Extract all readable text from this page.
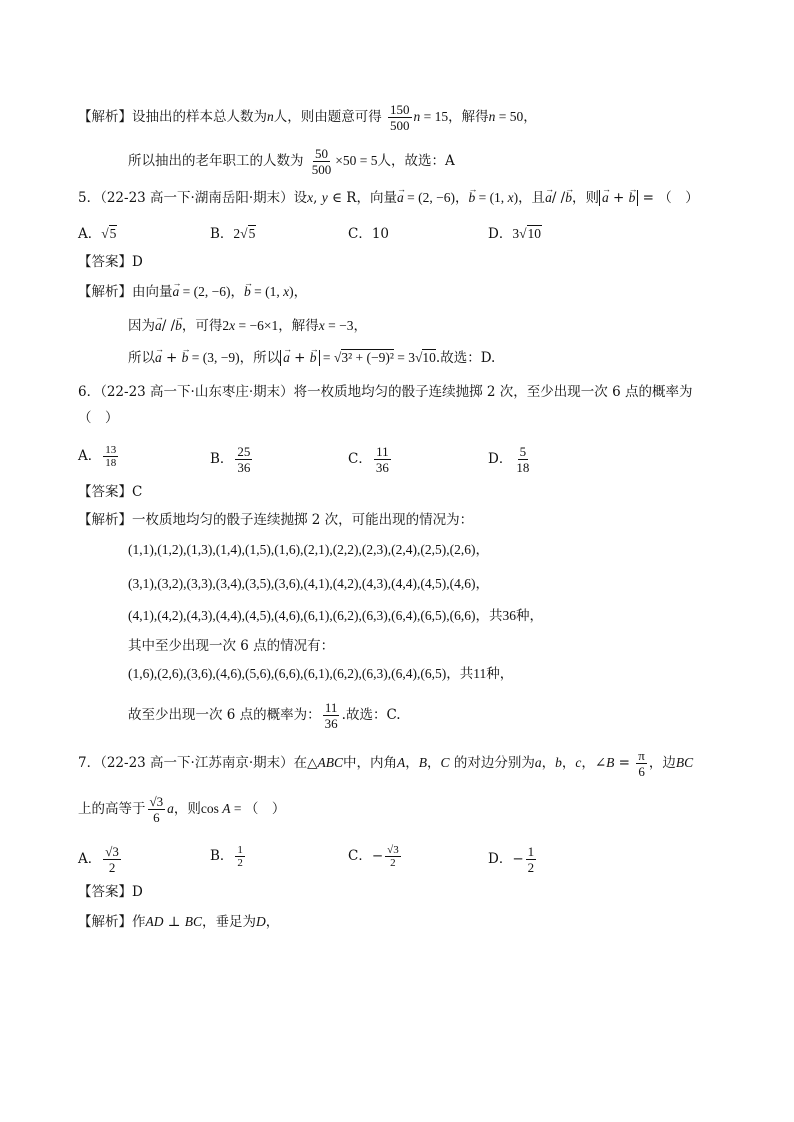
【解析】设抽出的样本总人数为n人，则由题意可得 $\frac{150}{500}$ n = 15，解得n = 50，
所以抽出的老年职工的人数为 $\frac{50}{500} \times 50 = 5$人，故选：A
5．（22-23 高一下·湖南岳阳·期末）设x, y ∈ R，向量→ a = (2, −6)，→ b = (1, x)，且→ a/ /→ b，则 → a + → b = （　）
A．√5	B．2√5	C．10	D．3√10
【答案】D
【解析】由向量→ a = (2, −6)，→ b = (1, x)，
因为→ a/ /→ b，可得2x = −6×1，解得x = −3，
所以→ a + → b = (3, −9)，所以 → a + → b = √3² + (−9)² = 3√10.故选：D.
6．（22-23 高一下·山东枣庄·期末）将一枚质地均匀的骰子连续抛掷 2 次，至少出现一次 6 点的概率为
（　）
A． $\frac{13}{18}$	B． $\frac{25}{36}$	C． $\frac{11}{36}$	D． $\frac{5}{18}$
【答案】C
【解析】一枚质地均匀的骰子连续抛掷 2 次，可能出现的情况为：
(1,1),(1,2),(1,3),(1,4),(1,5),(1,6),(2,1),(2,2),(2,3),(2,4),(2,5),(2,6)，
(3,1),(3,2),(3,3),(3,4),(3,5),(3,6),(4,1),(4,2),(4,3),(4,4),(4,5),(4,6)，
(4,1),(4,2),(4,3),(4,4),(4,5),(4,6),(6,1),(6,2),(6,3),(6,4),(6,5),(6,6)，共36种，
其中至少出现一次 6 点的情况有：
(1,6),(2,6),(3,6),(4,6),(5,6),(6,6),(6,1),(6,2),(6,3),(6,4),(6,5)，共11种，
故至少出现一次 6 点的概率为： $\frac{11}{36}$ .故选：C.
7．（22-23 高一下·江苏南京·期末）在△ABC中，内角A，B，C 的对边分别为a，b，c，∠B = $\frac{\pi}{6}$ ，边BC
上的高等于 $\frac{√3}{6}$ a，则cos A = （　）
A． $\frac{√3}{2}$	B． $\frac{1}{2}$	C．− $\frac{√3}{2}$	D．− $\frac{1}{2}$
【答案】D
【解析】作AD ⊥ BC，垂足为D，
